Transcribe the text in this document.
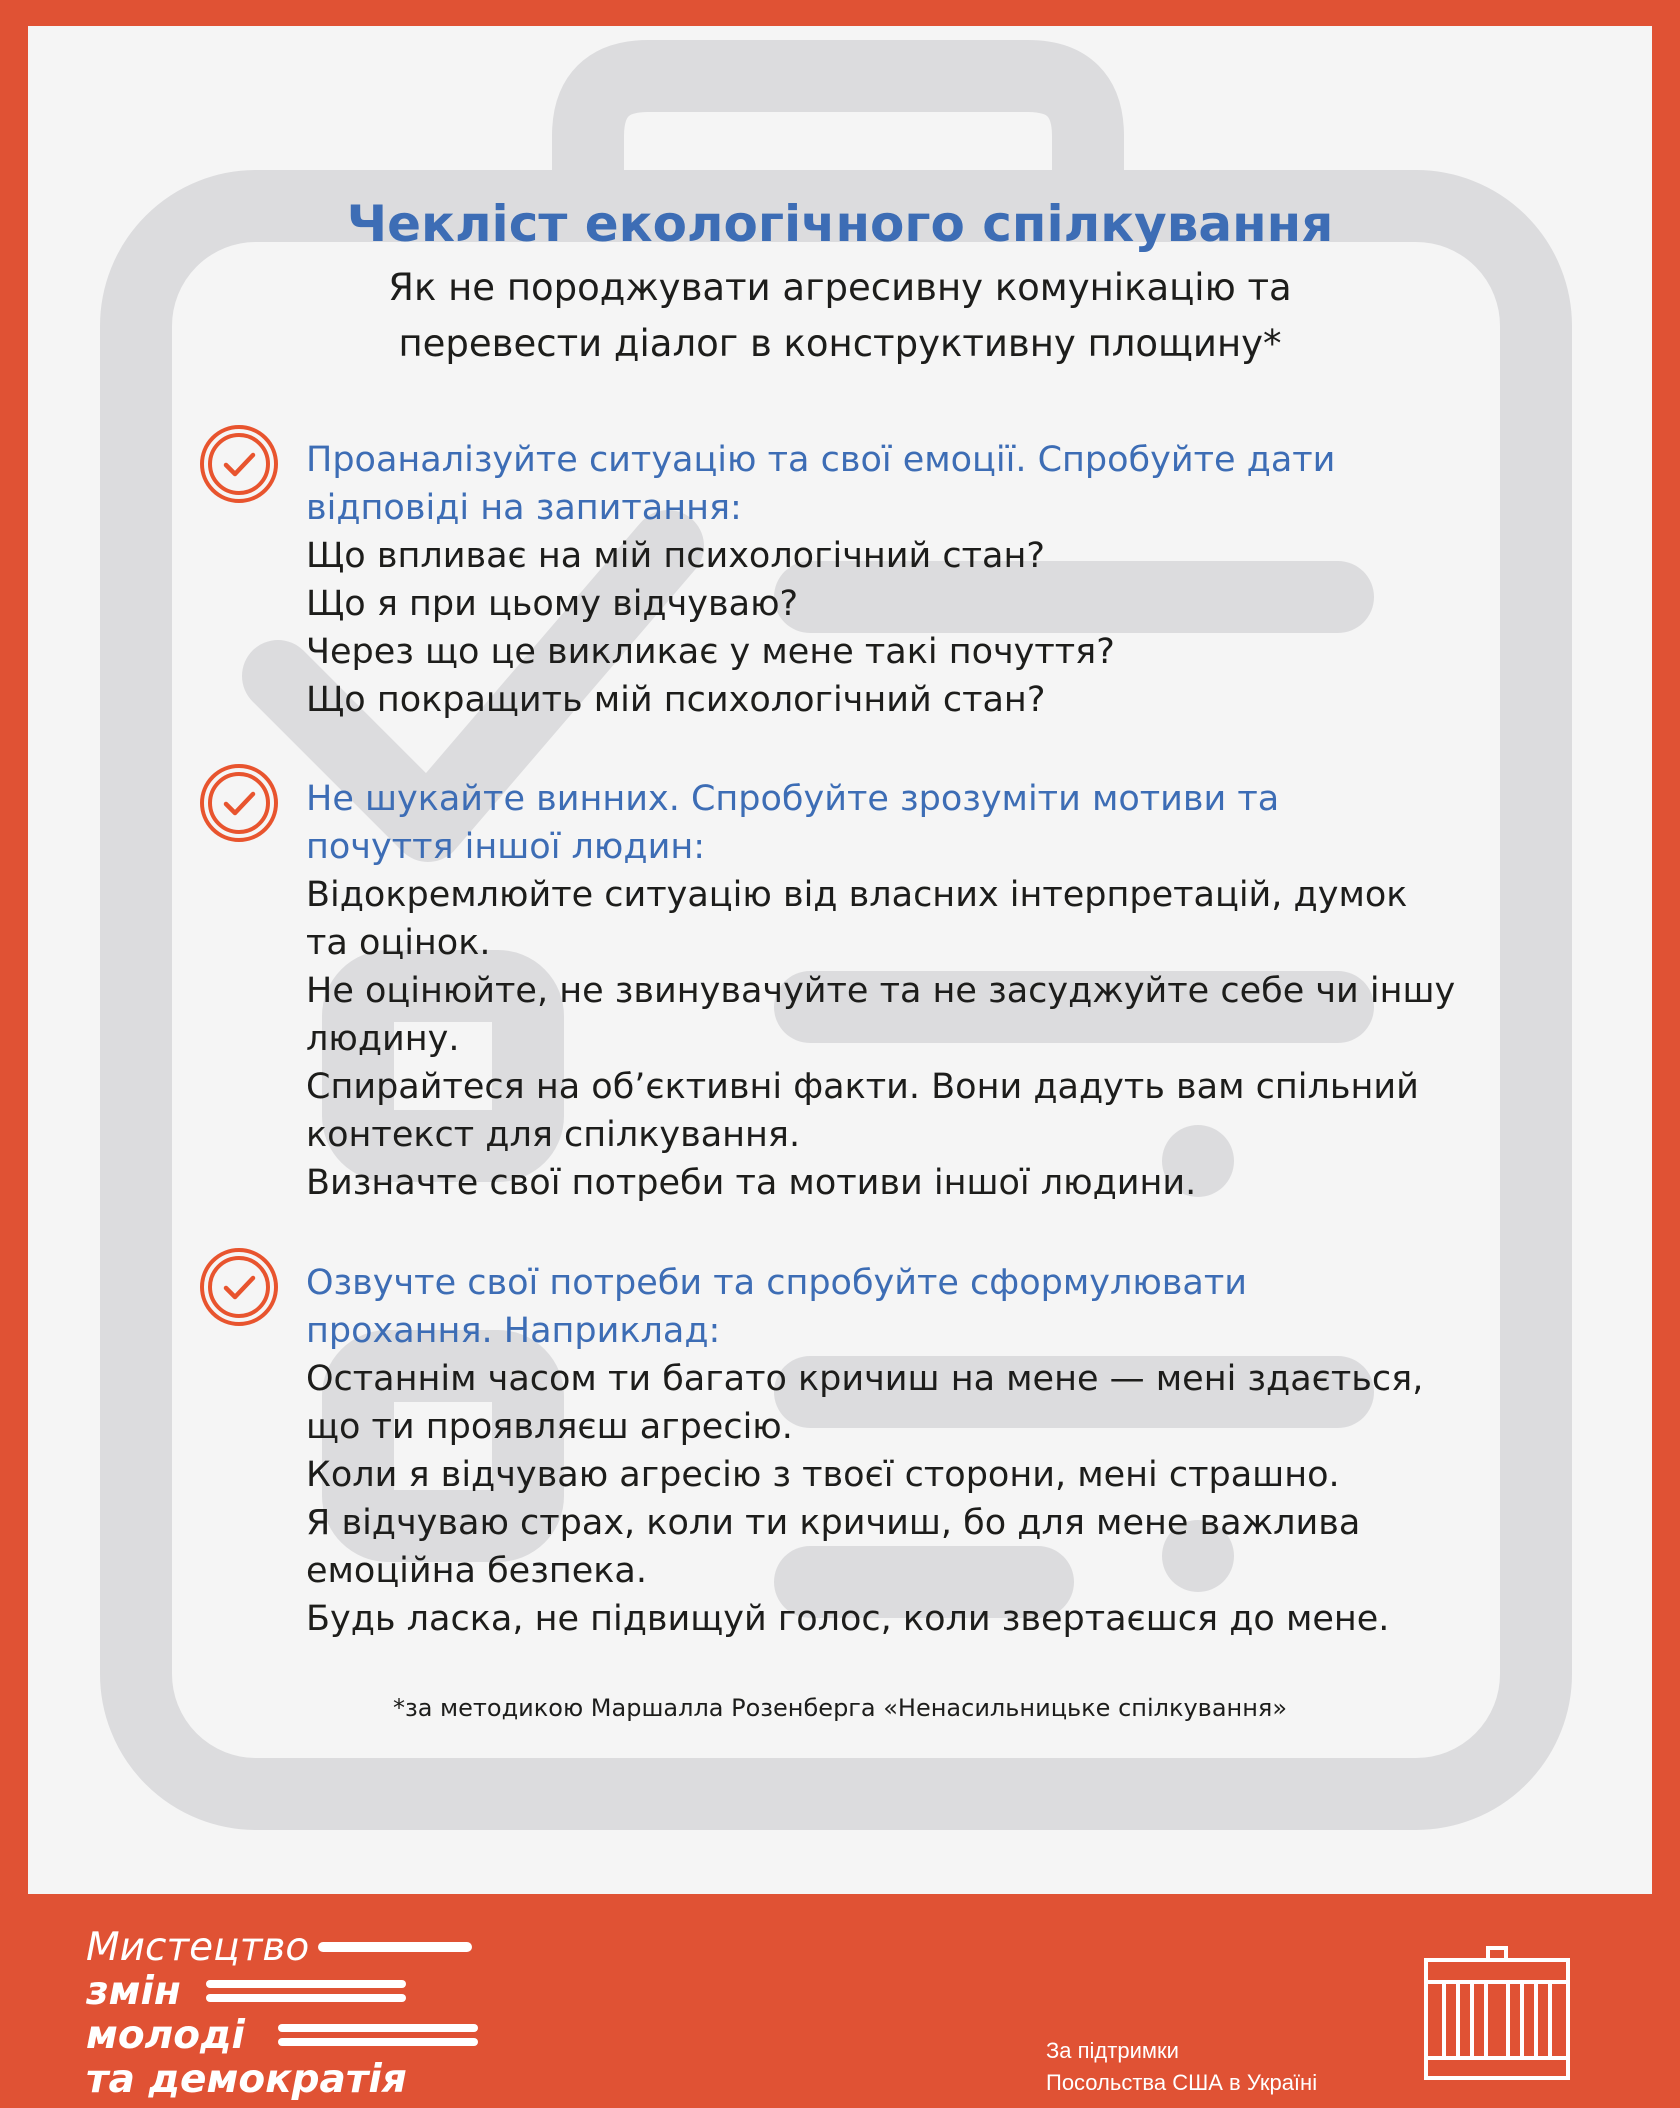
Чекліст екологічного спілкування
Як не породжувати агресивну комунікацію та
перевести діалог в конструктивну площину*
Проаналізуйте ситуацію та свої емоції. Спробуйте дати
відповіді на запитання:
Що впливає на мій психологічний стан?
Що я при цьому відчуваю?
Через що це викликає у мене такі почуття?
Що покращить мій психологічний стан?
Не шукайте винних. Спробуйте зрозуміти мотиви та
почуття іншої людин:
Відокремлюйте ситуацію від власних інтерпретацій, думок
та оцінок.
Не оцінюйте, не звинувачуйте та не засуджуйте себе чи іншу
людину.
Спирайтеся на об’єктивні факти. Вони дадуть вам спільний
контекст для спілкування.
Визначте свої потреби та мотиви іншої людини.
Озвучте свої потреби та спробуйте сформулювати
прохання. Наприклад:
Останнім часом ти багато кричиш на мене — мені здається,
що ти проявляєш агресію.
Коли я відчуваю агресію з твоєї сторони, мені страшно.
Я відчуваю страх, коли ти кричиш, бо для мене важлива
емоційна безпека.
Будь ласка, не підвищуй голос, коли звертаєшся до мене.
*за методикою Маршалла Розенберга «Ненасильницьке спілкування»
Мистецтво
змін
молоді
та демократія
За підтримки
Посольства США в Україні
